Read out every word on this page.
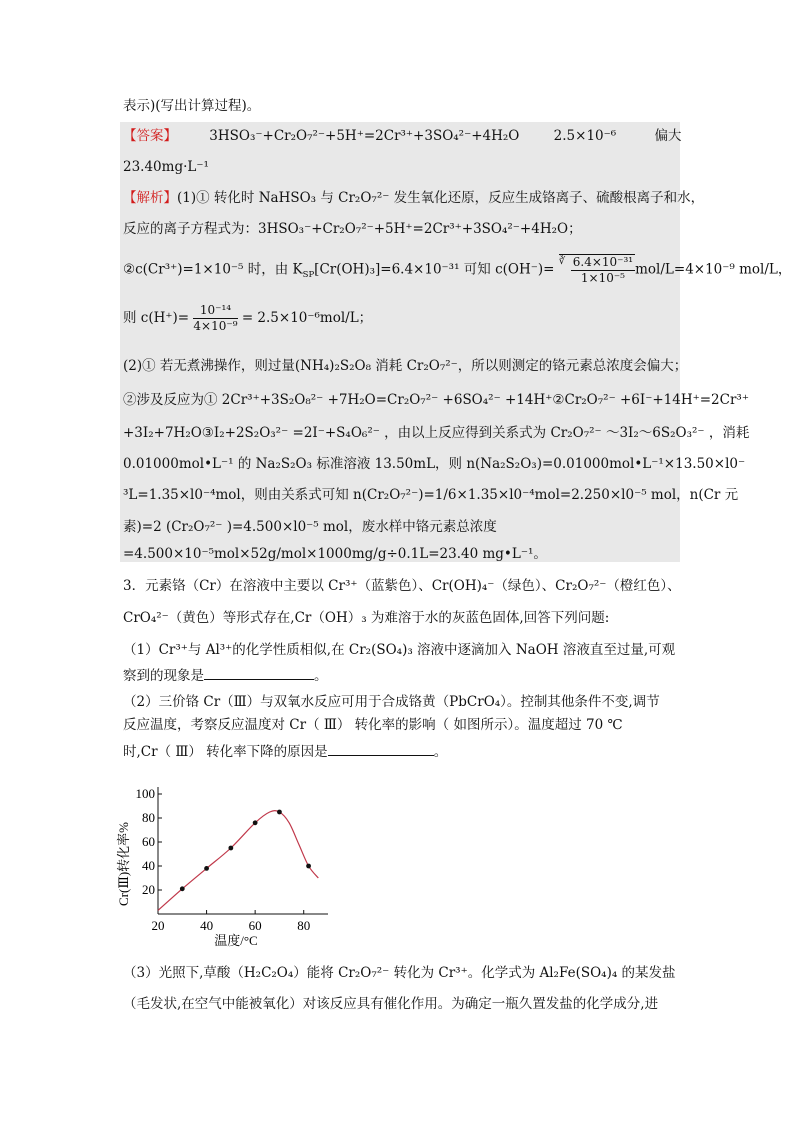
表示)(写出计算过程)。
【答案】 3HSO₃⁻+Cr₂O₇²⁻+5H⁺=2Cr³⁺+3SO₄²⁻+4H₂O	2.5×10⁻⁶	偏大
23.40mg·L⁻¹
【解析】(1)① 转化时 NaHSO₃ 与 Cr₂O₇²⁻ 发生氧化还原，反应生成铬离子、硫酸根离子和水，
反应的离子方程式为：3HSO₃⁻+Cr₂O₇²⁻+5H⁺=2Cr³⁺+3SO₄²⁻+4H₂O；
②c(Cr³⁺)=1×10⁻⁵ 时，由 $K_{SP}[Cr(OH)_3]=6.4\times 10^{-31}$ 可知 c(OH⁻)= ∛ $\frac{\text{6.4×10⁻³¹}}{\text{1×10⁻⁵}} mol/L=4\times 10^{-9}$ mol/L，
则 $c(H^+)= \frac{\text{10⁻¹⁴}}{\text{4×10⁻⁹}} = 2.5\times 10^{-6}mol/L$；
(2)① 若无煮沸操作，则过量(NH₄)₂S₂O₈ 消耗 Cr₂O₇²⁻，所以则测定的铬元素总浓度会偏大；
②涉及反应为① 2Cr³⁺+3S₂O₈²⁻ +7H₂O=Cr₂O₇²⁻ +6SO₄²⁻ +14H⁺②Cr₂O₇²⁻ +6I⁻+14H⁺=2Cr³⁺
+3I₂+7H₂O③I₂+2S₂O₃²⁻ =2I⁻+S₄O₆²⁻ ，由以上反应得到关系式为 Cr₂O₇²⁻ ～3I₂～6S₂O₃²⁻ ，消耗
0.01000mol•L⁻¹ 的 Na₂S₂O₃ 标准溶液 13.50mL，则 n(Na₂S₂O₃)=0.01000mol•L⁻¹×13.50×l0⁻
³L=1.35×l0⁻⁴mol，则由关系式可知 n(Cr₂O₇²⁻)=1/6×1.35×l0⁻⁴mol=2.250×l0⁻⁵ mol，n(Cr 元
素)=2 (Cr₂O₇²⁻ )=4.500×l0⁻⁵ mol，废水样中铬元素总浓度
=4.500×10⁻⁵mol×52g/mol×1000mg/g÷0.1L=23.40 mg•L⁻¹。
3．元素铬（Cr）在溶液中主要以 Cr³⁺（蓝紫色）、Cr(OH)₄⁻（绿色）、Cr₂O₇²⁻（橙红色）、
CrO₄²⁻（黄色）等形式存在,Cr（OH）₃ 为难溶于水的灰蓝色固体,回答下列问题:
（1）Cr³⁺与 Al³⁺的化学性质相似,在 Cr₂(SO₄)₃ 溶液中逐滴加入 NaOH 溶液直至过量,可观
察到的现象是	。
（2）三价铬 Cr（Ⅲ）与双氧水反应可用于合成铬黄（PbCrO₄）。控制其他条件不变,调节
反应温度，考察反应温度对 Cr（ Ⅲ） 转化率的影响（ 如图所示）。温度超过 70 ℃
时,Cr（ Ⅲ） 转化率下降的原因是	。
20	40	60	80
20
40
60
80
100
温度/°C
Cr(Ⅲ)转化率%
（3）光照下,草酸（H₂C₂O₄）能将 Cr₂O₇²⁻ 转化为 Cr³⁺。化学式为 Al₂Fe(SO₄)₄ 的某发盐
（毛发状,在空气中能被氧化）对该反应具有催化作用。为确定一瓶久置发盐的化学成分,进
